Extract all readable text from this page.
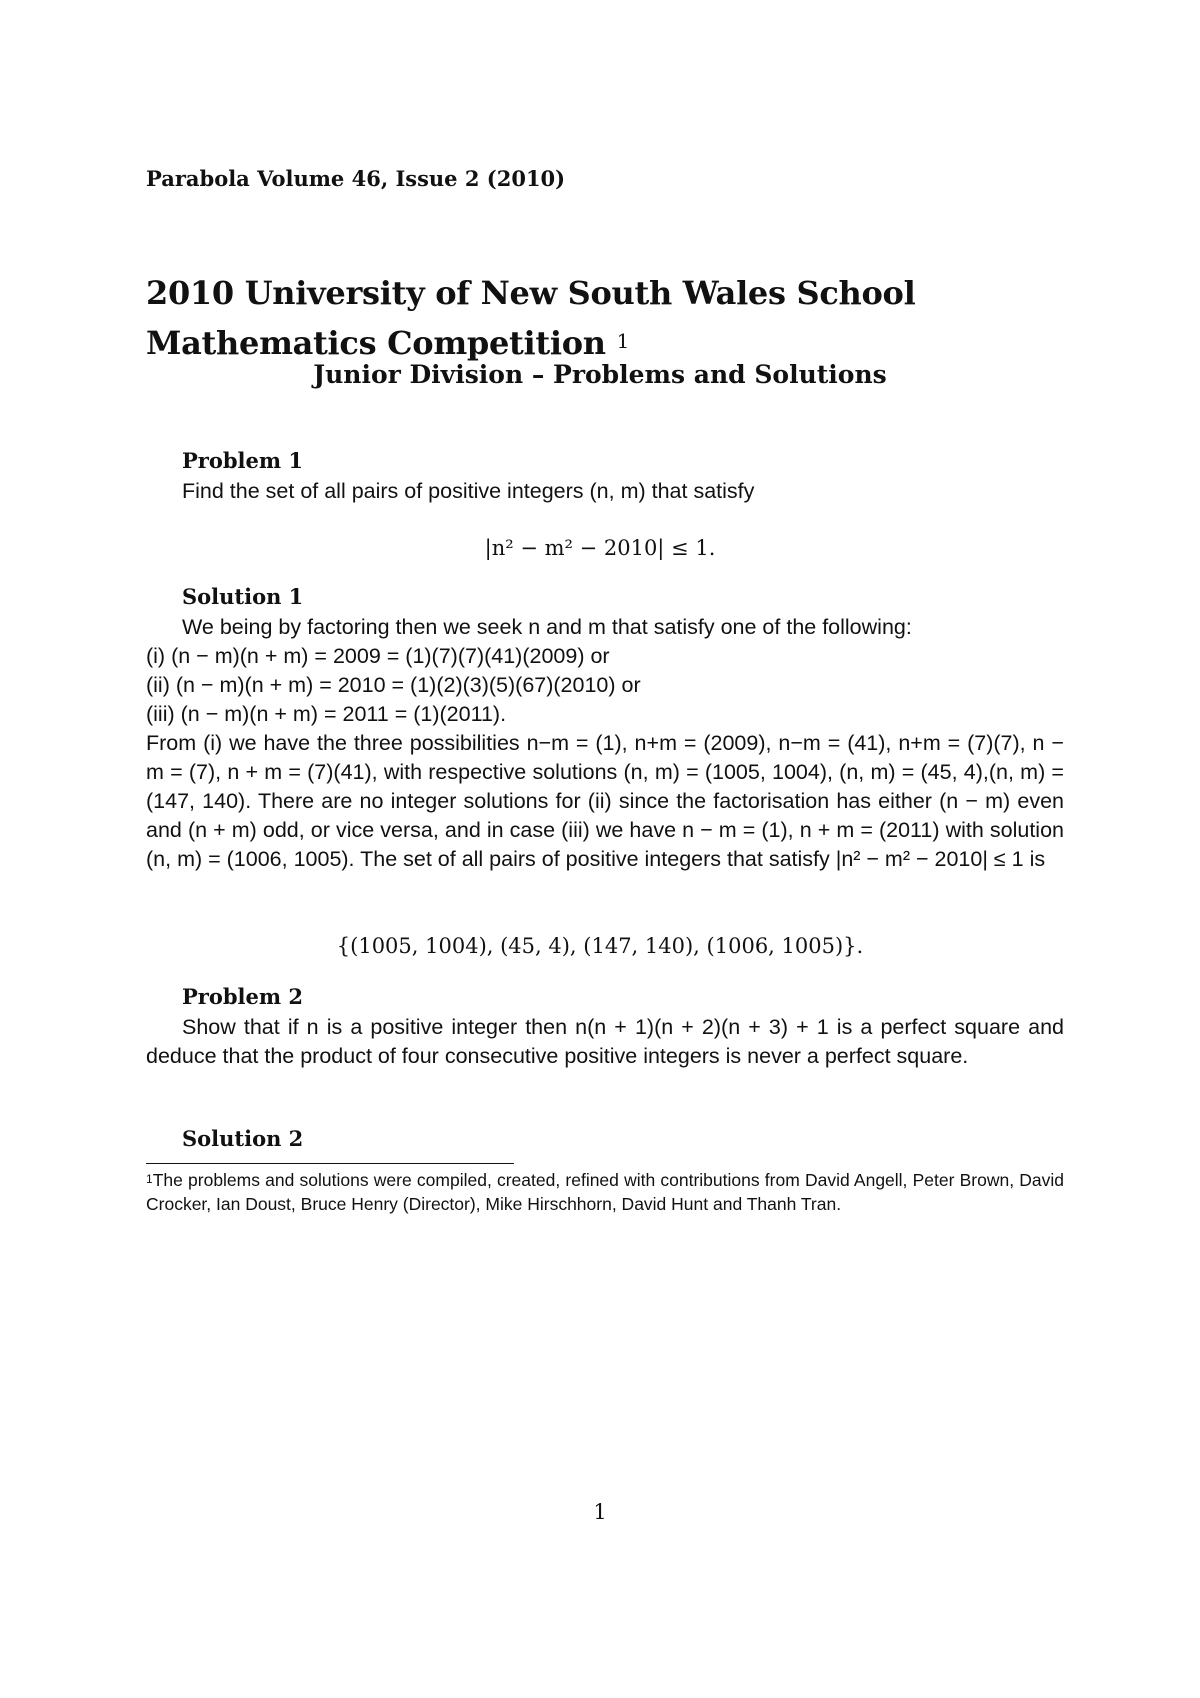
Parabola Volume 46, Issue 2 (2010)
2010 University of New South Wales School Mathematics Competition $^1$
Junior Division – Problems and Solutions
Problem 1
Find the set of all pairs of positive integers (n, m) that satisfy
|n² − m² − 2010| ≤ 1.
Solution 1
We being by factoring then we seek n and m that satisfy one of the following:
(i) (n − m)(n + m) = 2009 = (1)(7)(7)(41)(2009) or
(ii) (n − m)(n + m) = 2010 = (1)(2)(3)(5)(67)(2010) or
(iii) (n − m)(n + m) = 2011 = (1)(2011).
From (i) we have the three possibilities n−m = (1), n+m = (2009), n−m = (41), n+m = (7)(7), n − m = (7), n + m = (7)(41), with respective solutions (n, m) = (1005, 1004), (n, m) = (45, 4),(n, m) = (147, 140). There are no integer solutions for (ii) since the factorisation has either (n − m) even and (n + m) odd, or vice versa, and in case (iii) we have n − m = (1), n + m = (2011) with solution (n, m) = (1006, 1005). The set of all pairs of positive integers that satisfy |n² − m² − 2010| ≤ 1 is
{(1005, 1004), (45, 4), (147, 140), (1006, 1005)}.
Problem 2
Show that if n is a positive integer then n(n + 1)(n + 2)(n + 3) + 1 is a perfect square and deduce that the product of four consecutive positive integers is never a perfect square.
Solution 2
$^1$The problems and solutions were compiled, created, refined with contributions from David Angell, Peter Brown, David Crocker, Ian Doust, Bruce Henry (Director), Mike Hirschhorn, David Hunt and Thanh Tran.
1
